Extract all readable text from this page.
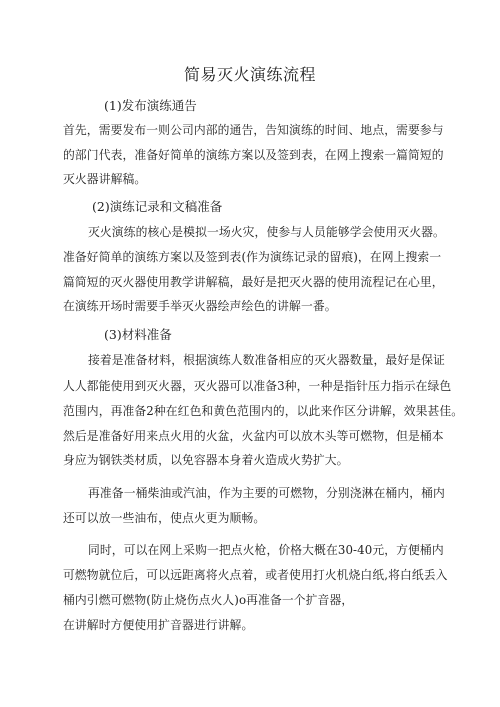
简易灭火演练流程
(1)发布演练通告
首先，需要发布一则公司内部的通告，告知演练的时间、地点，需要参与
的部门代表，准备好简单的演练方案以及签到表，在网上搜索一篇简短的
灭火器讲解稿。
(2)演练记录和文稿准备
灭火演练的核心是模拟一场火灾，使参与人员能够学会使用灭火器。
准备好简单的演练方案以及签到表(作为演练记录的留痕)，在网上搜索一
篇简短的灭火器使用教学讲解稿，最好是把灭火器的使用流程记在心里，
在演练开场时需要手举灭火器绘声绘色的讲解一番。
(3)材料准备
接着是准备材料，根据演练人数准备相应的灭火器数量，最好是保证
人人都能使用到灭火器，灭火器可以准备3种，一种是指针压力指示在绿色
范围内，再准备2种在红色和黄色范围内的，以此来作区分讲解，效果甚佳。
然后是准备好用来点火用的火盆，火盆内可以放木头等可燃物，但是桶本
身应为钢铁类材质，以免容器本身着火造成火势扩大。
再准备一桶柴油或汽油，作为主要的可燃物，分别浇淋在桶内，桶内
还可以放一些油布，使点火更为顺畅。
同时，可以在网上采购一把点火枪，价格大概在30-40元，方便桶内
可燃物就位后，可以远距离将火点着，或者使用打火机烧白纸,将白纸丢入
桶内引燃可燃物(防止烧伤点火人)o再准备一个扩音器，
在讲解时方便使用扩音器进行讲解。
